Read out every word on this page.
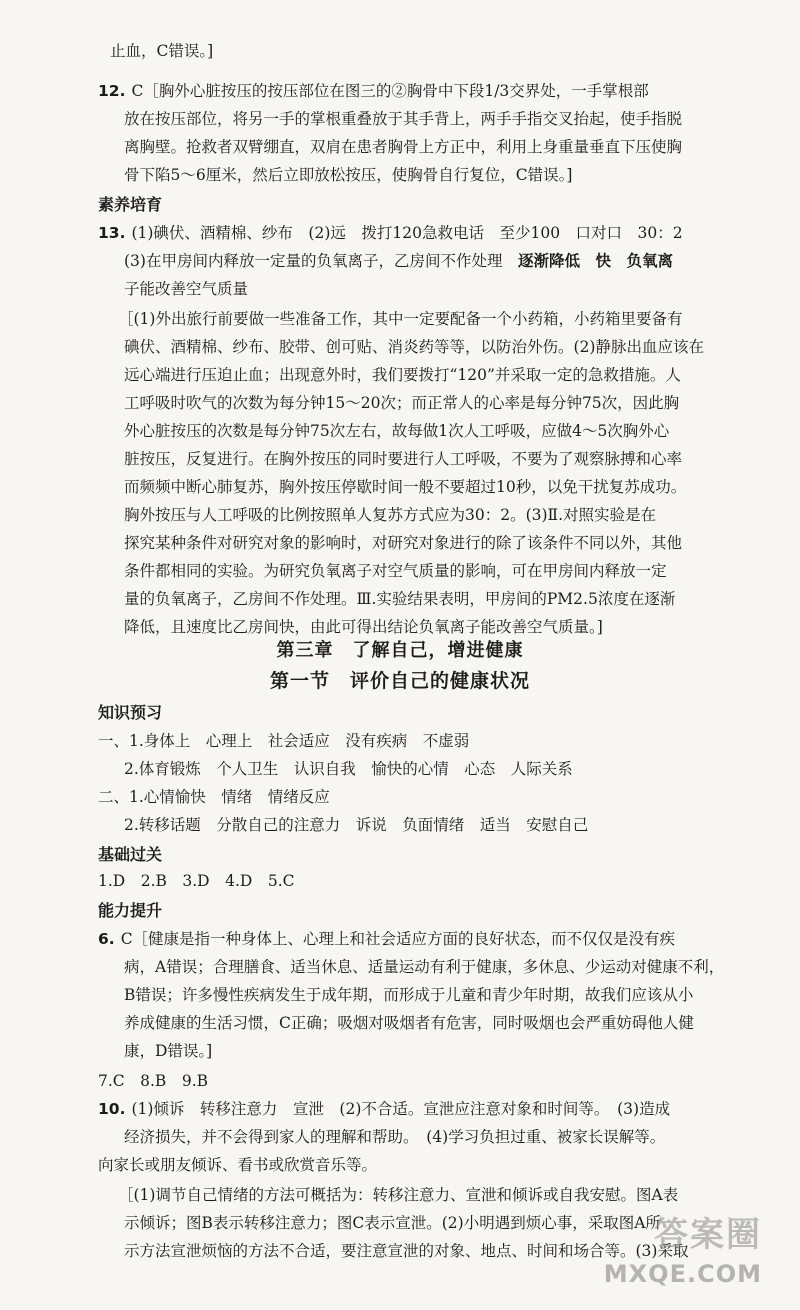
止血，C错误。]
12. C［胸外心脏按压的按压部位在图三的②胸骨中下段1/3交界处，一手掌根部
放在按压部位，将另一手的掌根重叠放于其手背上，两手手指交叉抬起，使手指脱
离胸壁。抢救者双臂绷直，双肩在患者胸骨上方正中，利用上身重量垂直下压使胸
骨下陷5～6厘米，然后立即放松按压，使胸骨自行复位，C错误。]
素养培育
13. (1)碘伏、酒精棉、纱布　(2)远　拨打120急救电话　至少100　口对口　30：2
(3)在甲房间内释放一定量的负氧离子，乙房间不作处理　 逐渐降低　快　负氧离
子能改善空气质量
［(1)外出旅行前要做一些准备工作，其中一定要配备一个小药箱，小药箱里要备有
碘伏、酒精棉、纱布、胶带、创可贴、消炎药等等，以防治外伤。(2)静脉出血应该在
远心端进行压迫止血；出现意外时，我们要拨打“120”并采取一定的急救措施。人
工呼吸时吹气的次数为每分钟15～20次；而正常人的心率是每分钟75次，因此胸
外心脏按压的次数是每分钟75次左右，故每做1次人工呼吸，应做4～5次胸外心
脏按压，反复进行。在胸外按压的同时要进行人工呼吸，不要为了观察脉搏和心率
而频频中断心肺复苏，胸外按压停歇时间一般不要超过10秒，以免干扰复苏成功。
胸外按压与人工呼吸的比例按照单人复苏方式应为30：2。(3)Ⅱ.对照实验是在
探究某种条件对研究对象的影响时，对研究对象进行的除了该条件不同以外，其他
条件都相同的实验。为研究负氧离子对空气质量的影响，可在甲房间内释放一定
量的负氧离子，乙房间不作处理。Ⅲ.实验结果表明，甲房间的PM2.5浓度在逐渐
降低，且速度比乙房间快，由此可得出结论负氧离子能改善空气质量。]
第三章　了解自己，增进健康
第一节　评价自己的健康状况
知识预习
一、1.身体上　心理上　社会适应　没有疾病　不虚弱
2.体育锻炼　个人卫生　认识自我　愉快的心情　心态　人际关系
二、1.心情愉快　情绪　情绪反应
2.转移话题　分散自己的注意力　诉说　负面情绪　适当　安慰自己
基础过关
1.D　2.B　3.D　4.D　5.C
能力提升
6. C［健康是指一种身体上、心理上和社会适应方面的良好状态，而不仅仅是没有疾
病，A错误；合理膳食、适当休息、适量运动有利于健康，多休息、少运动对健康不利，
B错误；许多慢性疾病发生于成年期，而形成于儿童和青少年时期，故我们应该从小
养成健康的生活习惯，C正确；吸烟对吸烟者有危害，同时吸烟也会严重妨碍他人健
康，D错误。]
7.C　8.B　9.B
10. (1)倾诉　转移注意力　宣泄　(2)不合适。宣泄应注意对象和时间等。　(3)造成
经济损失，并不会得到家人的理解和帮助。　(4)学习负担过重、被家长误解等。
向家长或朋友倾诉、看书或欣赏音乐等。
［(1)调节自己情绪的方法可概括为：转移注意力、宣泄和倾诉或自我安慰。图A表
示倾诉；图B表示转移注意力；图C表示宣泄。(2)小明遇到烦心事，采取图A所
示方法宣泄烦恼的方法不合适，要注意宣泄的对象、地点、时间和场合等。(3)采取
答案圈
MXQE.COM
